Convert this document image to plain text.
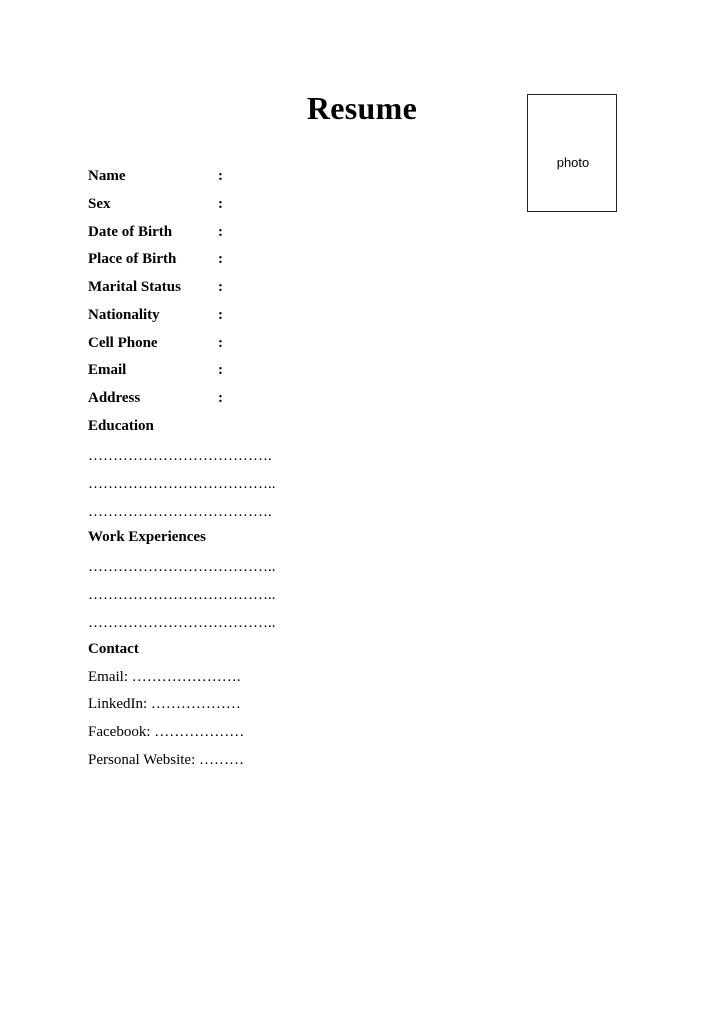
Resume
photo
Name	:
Sex	:
Date of Birth	:
Place of Birth	:
Marital Status :
Nationality	:
Cell Phone	:
Email	:
Address	:
Education
……………………………….
………………………………..
……………………………….
Work Experiences
………………………………..
………………………………..
………………………………..
Contact
Email: ………………….
LinkedIn: ………………
Facebook: ………………
Personal Website: ………
